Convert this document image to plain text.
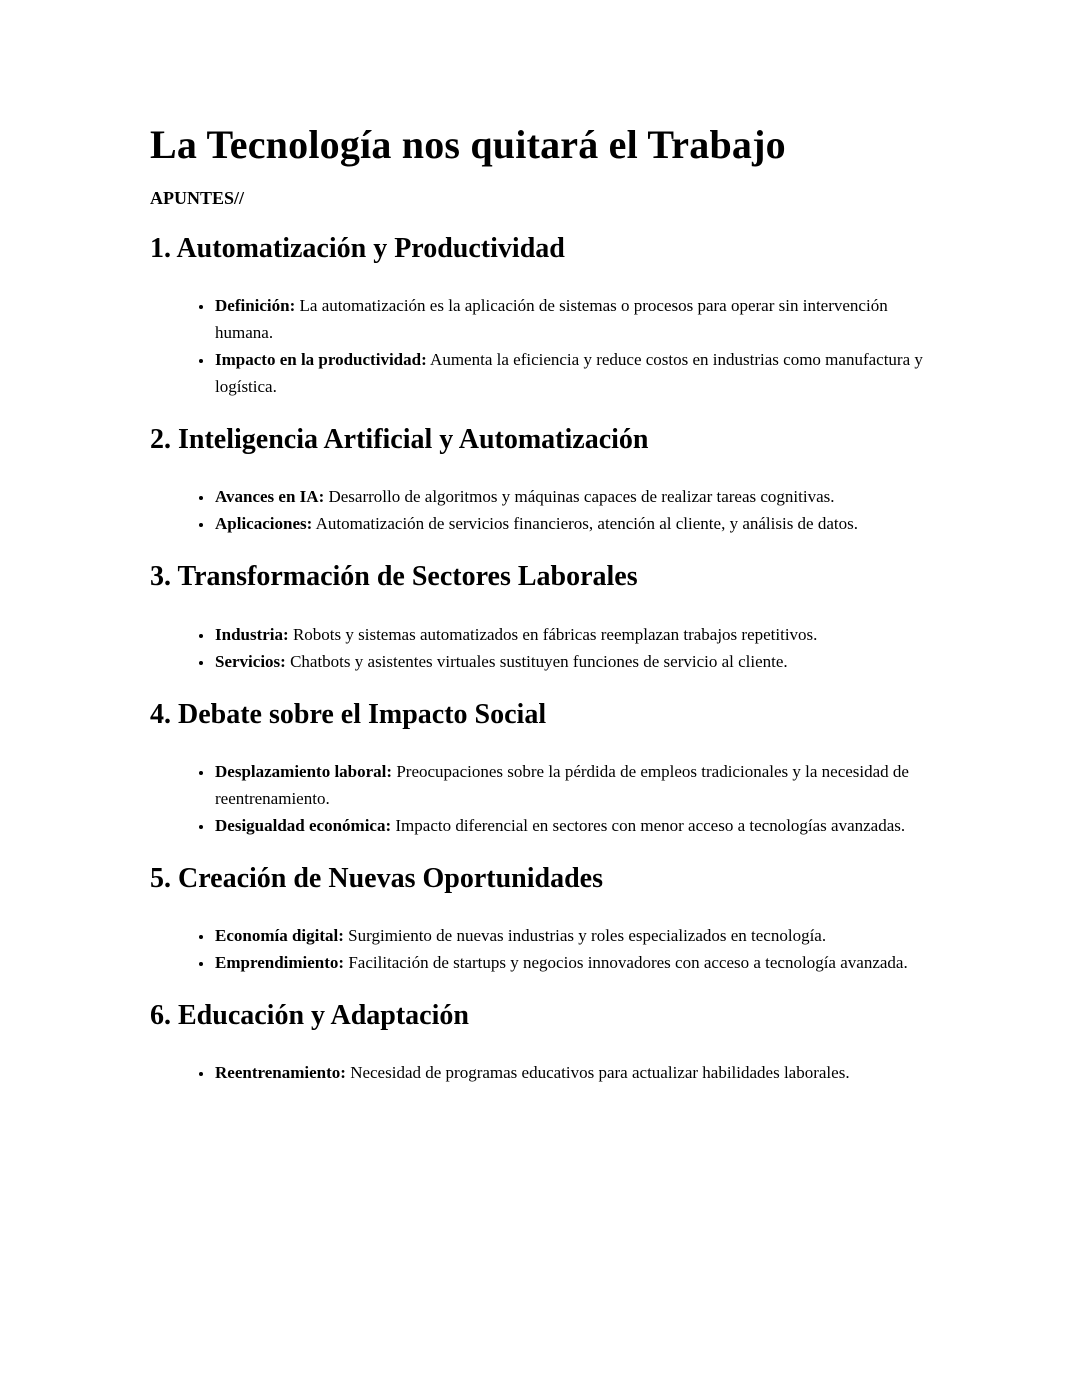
La Tecnología nos quitará el Trabajo

APUNTES//

1. Automatización y Productividad
• Definición: La automatización es la aplicación de sistemas o procesos para operar sin intervención humana.
• Impacto en la productividad: Aumenta la eficiencia y reduce costos en industrias como manufactura y logística.
2. Inteligencia Artificial y Automatización
• Avances en IA: Desarrollo de algoritmos y máquinas capaces de realizar tareas cognitivas.
• Aplicaciones: Automatización de servicios financieros, atención al cliente, y análisis de datos.
3. Transformación de Sectores Laborales
• Industria: Robots y sistemas automatizados en fábricas reemplazan trabajos repetitivos.
• Servicios: Chatbots y asistentes virtuales sustituyen funciones de servicio al cliente.
4. Debate sobre el Impacto Social
• Desplazamiento laboral: Preocupaciones sobre la pérdida de empleos tradicionales y la necesidad de reentrenamiento.
• Desigualdad económica: Impacto diferencial en sectores con menor acceso a tecnologías avanzadas.
5. Creación de Nuevas Oportunidades
• Economía digital: Surgimiento de nuevas industrias y roles especializados en tecnología.
• Emprendimiento: Facilitación de startups y negocios innovadores con acceso a tecnología avanzada.
6. Educación y Adaptación
• Reentrenamiento: Necesidad de programas educativos para actualizar habilidades laborales.
